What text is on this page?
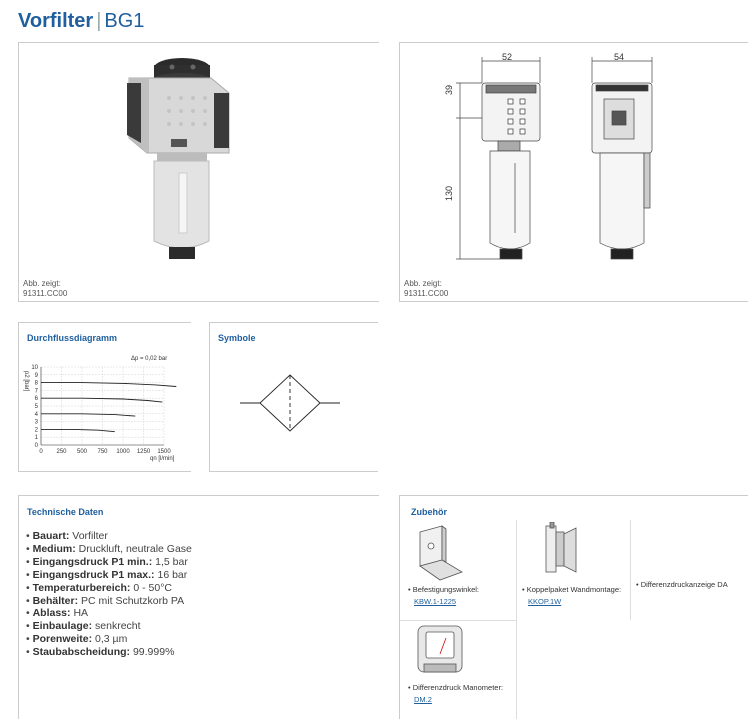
Vorfilter | BG1
Abb. zeigt:
91311.CC00
52	54
39
130
Abb. zeigt:
91311.CC00
Durchflussdiagramm
Δp = 0,02 bar
0
1
2
3
4
5
6
7
8
9
10
0 250 500 750 1000 1250 1500
qn [l/min]
p2 [bar]
Symbole
Technische Daten
• Bauart: Vorfilter
• Medium: Druckluft, neutrale Gase
• Eingangsdruck P1 min.: 1,5 bar
• Eingangsdruck P1 max.: 16 bar
• Temperaturbereich: 0 - 50°C
• Behälter: PC mit Schutzkorb PA
• Ablass: HA
• Einbaulage: senkrecht
• Porenweite: 0,3 µm
• Staubabscheidung: 99.999%
Zubehör
• Befestigungswinkel:
KBW.1-1225
• Koppelpaket Wandmontage:
KKOP.1W
• Differenzdruckanzeige DA
• Differenzdruck Manometer:
DM.2
